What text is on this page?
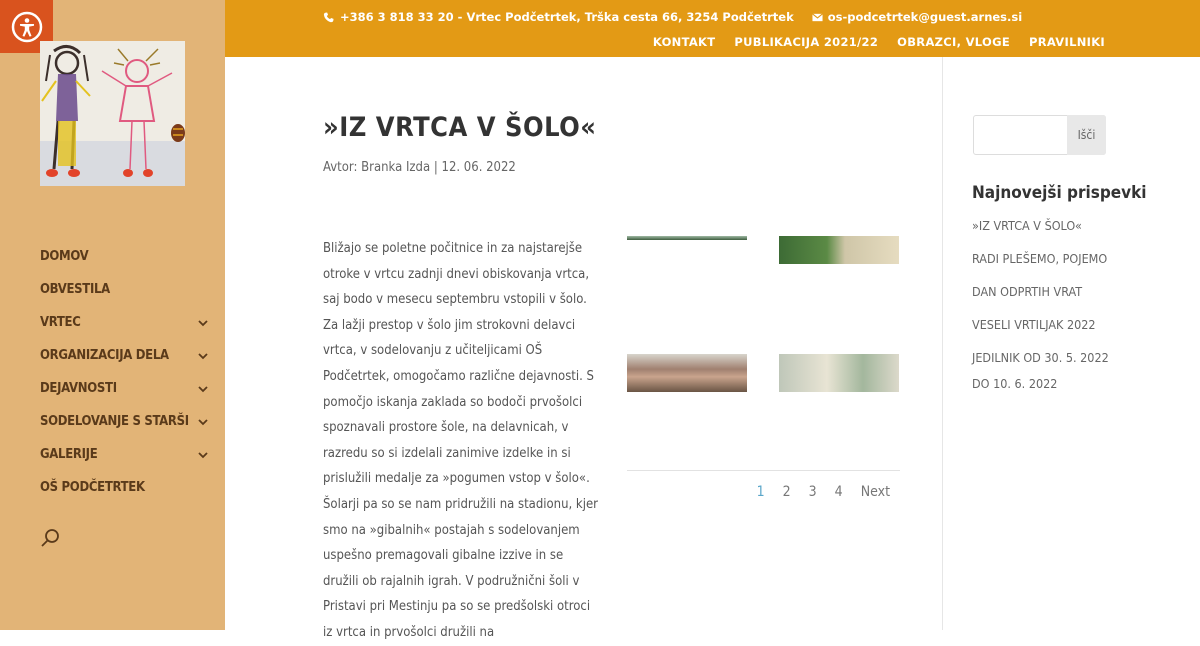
DOMOV
OBVESTILA
VRTEC
ORGANIZACIJA DELA
DEJAVNOSTI
SODELOVANJE S STARŠI
GALERIJE
OŠ PODČETRTEK
+386 3 818 33 20 - Vrtec Podčetrtek, Trška cesta 66, 3254 Podčetrtek	os-podcetrtek@guest.arnes.si
KONTAKT PUBLIKACIJA 2021/22 OBRAZCI, VLOGE PRAVILNIKI
»IZ VRTCA V ŠOLO«
Avtor: Branka Izda | 12. 06. 2022

Bližajo se poletne počitnice in za najstarejše otroke v vrtcu zadnji dnevi obiskovanja vrtca, saj bodo v mesecu septembru vstopili v šolo. Za lažji prestop v šolo jim strokovni delavci vrtca, v sodelovanju z učiteljicami OŠ Podčetrtek, omogočamo različne dejavnosti. S pomočjo iskanja zaklada so bodoči prvošolci spoznavali prostore šole, na delavnicah, v razredu so si izdelali zanimive izdelke in si prislužili medalje za »pogumen vstop v šolo«. Šolarji pa so se nam pridružili na stadionu, kjer smo na »gibalnih« postajah s sodelovanjem uspešno premagovali gibalne izzive in se družili ob rajalnih igrah. V podružnični šoli v Pristavi pri Mestinju pa so se predšolski otroci iz vrtca in prvošolci družili na

1 2 3 4 Next
Išči
Najnovejši prispevki
»IZ VRTCA V ŠOLO«
RADI PLEŠEMO, POJEMO
DAN ODPRTIH VRAT
VESELI VRTILJAK 2022
JEDILNIK OD 30. 5. 2022 DO 10. 6. 2022
